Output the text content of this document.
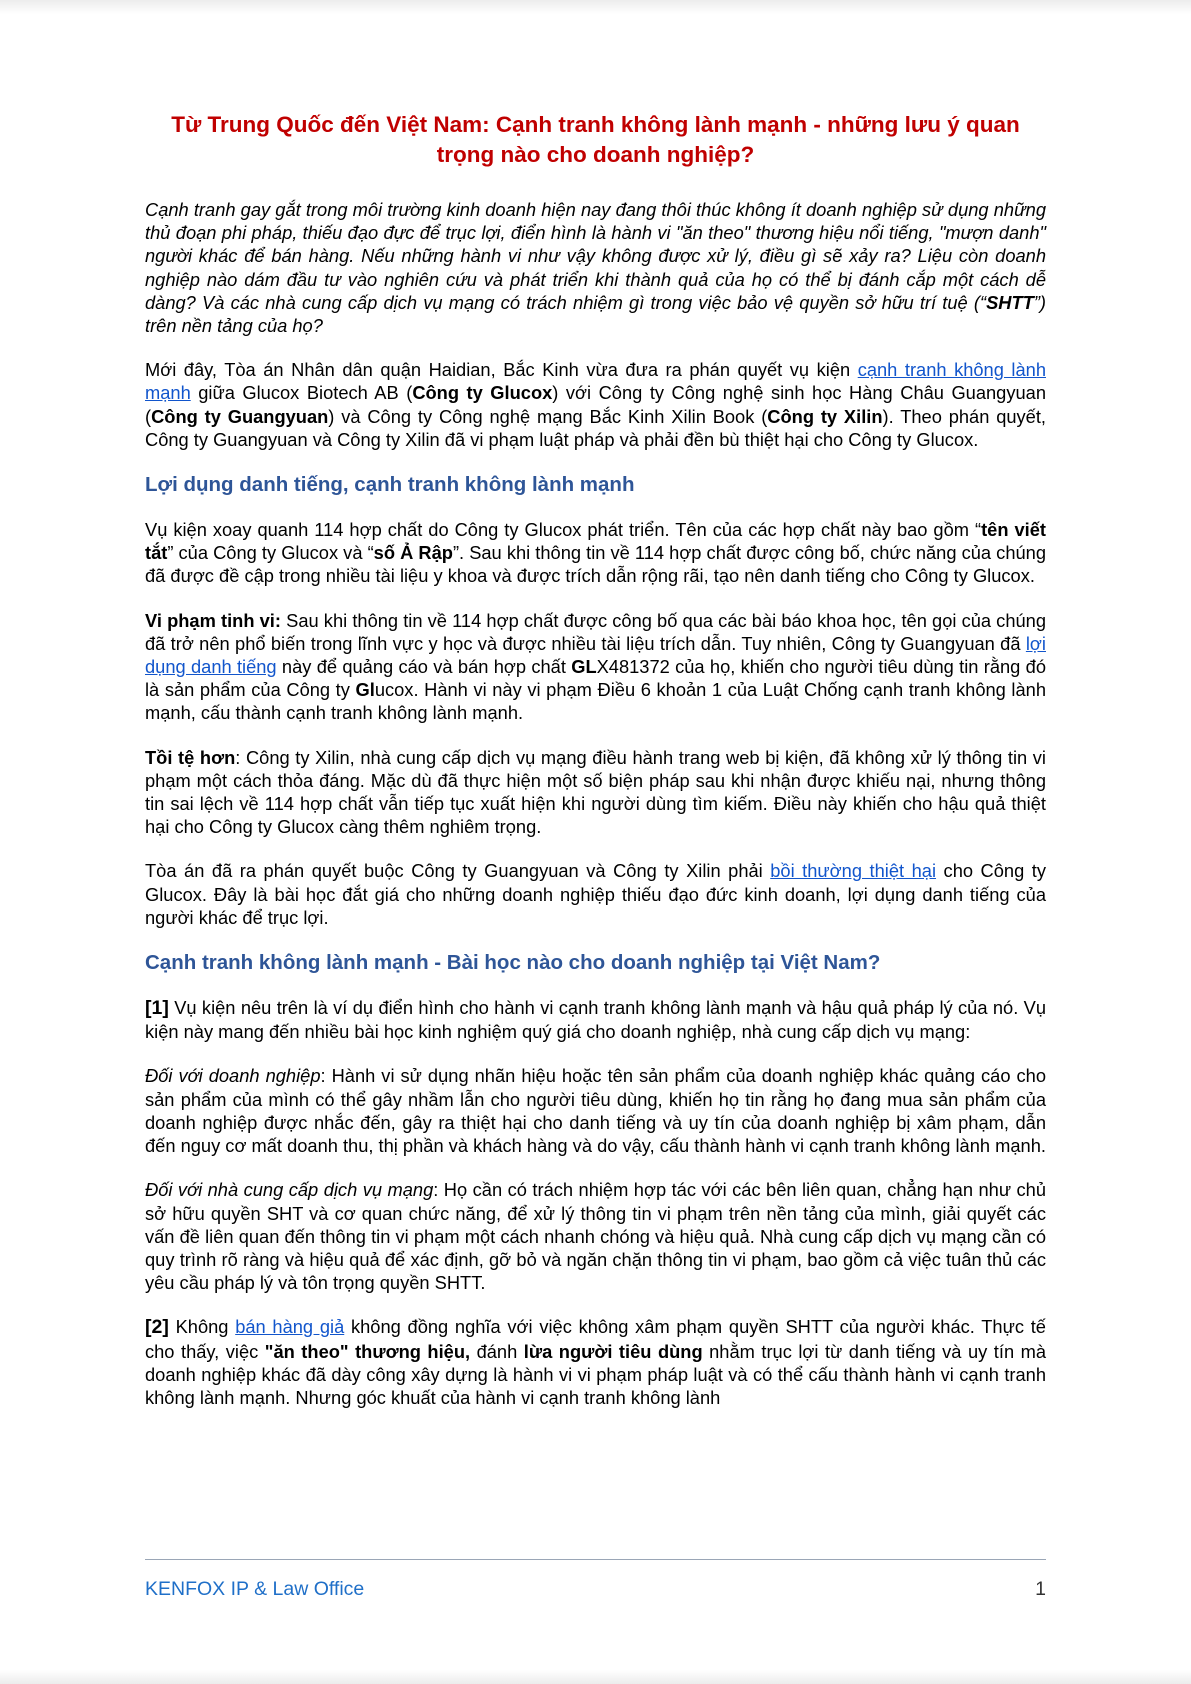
Từ Trung Quốc đến Việt Nam: Cạnh tranh không lành mạnh - những lưu ý quan trọng nào cho doanh nghiệp?

Cạnh tranh gay gắt trong môi trường kinh doanh hiện nay đang thôi thúc không ít doanh nghiệp sử dụng những thủ đoạn phi pháp, thiếu đạo đực để trục lợi, điển hình là hành vi "ăn theo" thương hiệu nổi tiếng, "mượn danh" người khác để bán hàng. Nếu những hành vi như vậy không được xử lý, điều gì sẽ xảy ra? Liệu còn doanh nghiệp nào dám đầu tư vào nghiên cứu và phát triển khi thành quả của họ có thể bị đánh cắp một cách dễ dàng? Và các nhà cung cấp dịch vụ mạng có trách nhiệm gì trong việc bảo vệ quyền sở hữu trí tuệ (“SHTT”) trên nền tảng của họ?

Mới đây, Tòa án Nhân dân quận Haidian, Bắc Kinh vừa đưa ra phán quyết vụ kiện cạnh tranh không lành mạnh giữa Glucox Biotech AB (Công ty Glucox) với Công ty Công nghệ sinh học Hàng Châu Guangyuan (Công ty Guangyuan) và Công ty Công nghệ mạng Bắc Kinh Xilin Book (Công ty Xilin). Theo phán quyết, Công ty Guangyuan và Công ty Xilin đã vi phạm luật pháp và phải đền bù thiệt hại cho Công ty Glucox.

Lợi dụng danh tiếng, cạnh tranh không lành mạnh

Vụ kiện xoay quanh 114 hợp chất do Công ty Glucox phát triển. Tên của các hợp chất này bao gồm “tên viết tắt” của Công ty Glucox và “số Ả Rập”. Sau khi thông tin về 114 hợp chất được công bố, chức năng của chúng đã được đề cập trong nhiều tài liệu y khoa và được trích dẫn rộng rãi, tạo nên danh tiếng cho Công ty Glucox.

Vi phạm tinh vi: Sau khi thông tin về 114 hợp chất được công bố qua các bài báo khoa học, tên gọi của chúng đã trở nên phổ biến trong lĩnh vực y học và được nhiều tài liệu trích dẫn. Tuy nhiên, Công ty Guangyuan đã lợi dụng danh tiếng này để quảng cáo và bán hợp chất GLX481372 của họ, khiến cho người tiêu dùng tin rằng đó là sản phẩm của Công ty Glucox. Hành vi này vi phạm Điều 6 khoản 1 của Luật Chống cạnh tranh không lành mạnh, cấu thành cạnh tranh không lành mạnh.

Tồi tệ hơn: Công ty Xilin, nhà cung cấp dịch vụ mạng điều hành trang web bị kiện, đã không xử lý thông tin vi phạm một cách thỏa đáng. Mặc dù đã thực hiện một số biện pháp sau khi nhận được khiếu nại, nhưng thông tin sai lệch về 114 hợp chất vẫn tiếp tục xuất hiện khi người dùng tìm kiếm. Điều này khiến cho hậu quả thiệt hại cho Công ty Glucox càng thêm nghiêm trọng.

Tòa án đã ra phán quyết buộc Công ty Guangyuan và Công ty Xilin phải bồi thường thiệt hại cho Công ty Glucox. Đây là bài học đắt giá cho những doanh nghiệp thiếu đạo đức kinh doanh, lợi dụng danh tiếng của người khác để trục lợi.

Cạnh tranh không lành mạnh - Bài học nào cho doanh nghiệp tại Việt Nam?

[1] Vụ kiện nêu trên là ví dụ điển hình cho hành vi cạnh tranh không lành mạnh và hậu quả pháp lý của nó. Vụ kiện này mang đến nhiều bài học kinh nghiệm quý giá cho doanh nghiệp, nhà cung cấp dịch vụ mạng:

Đối với doanh nghiệp: Hành vi sử dụng nhãn hiệu hoặc tên sản phẩm của doanh nghiệp khác quảng cáo cho sản phẩm của mình có thể gây nhầm lẫn cho người tiêu dùng, khiến họ tin rằng họ đang mua sản phẩm của doanh nghiệp được nhắc đến, gây ra thiệt hại cho danh tiếng và uy tín của doanh nghiệp bị xâm phạm, dẫn đến nguy cơ mất doanh thu, thị phần và khách hàng và do vậy, cấu thành hành vi cạnh tranh không lành mạnh.

Đối với nhà cung cấp dịch vụ mạng: Họ cần có trách nhiệm hợp tác với các bên liên quan, chẳng hạn như chủ sở hữu quyền SHT và cơ quan chức năng, để xử lý thông tin vi phạm trên nền tảng của mình, giải quyết các vấn đề liên quan đến thông tin vi phạm một cách nhanh chóng và hiệu quả. Nhà cung cấp dịch vụ mạng cần có quy trình rõ ràng và hiệu quả để xác định, gỡ bỏ và ngăn chặn thông tin vi phạm, bao gồm cả việc tuân thủ các yêu cầu pháp lý và tôn trọng quyền SHTT.

[2] Không bán hàng giả không đồng nghĩa với việc không xâm phạm quyền SHTT của người khác. Thực tế cho thấy, việc "ăn theo" thương hiệu, đánh lừa người tiêu dùng nhằm trục lợi từ danh tiếng và uy tín mà doanh nghiệp khác đã dày công xây dựng là hành vi vi phạm pháp luật và có thể cấu thành hành vi cạnh tranh không lành mạnh. Nhưng góc khuất của hành vi cạnh tranh không lành

KENFOX IP & Law Office	1
